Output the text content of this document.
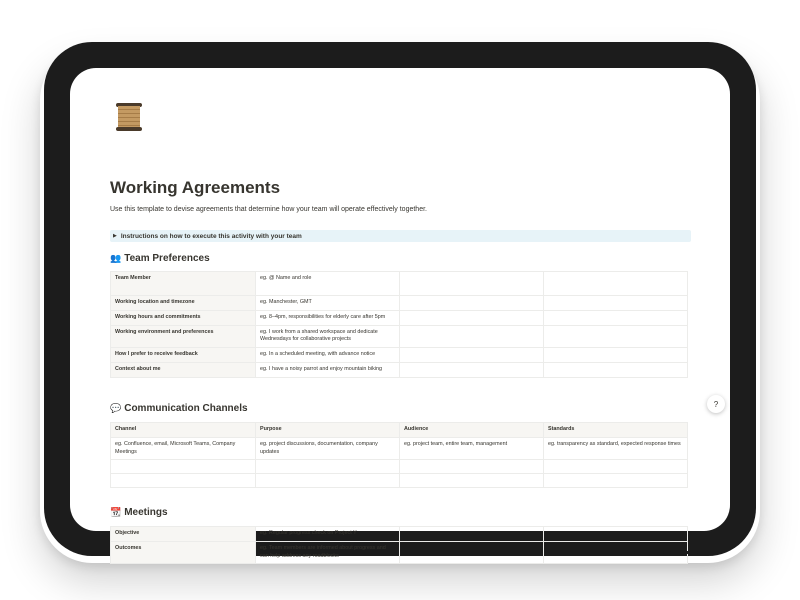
Working Agreements

Use this template to devise agreements that determine how your team will operate effectively together.

▶ Instructions on how to execute this activity with your team
👥 Team Preferences
Team Member	eg. @ Name and role		
Working location and timezone	eg. Manchester, GMT		
Working hours and commitments	eg. 8–4pm, responsibilities for elderly care after 5pm		
Working environment and preferences	eg. I work from a shared workspace and dedicate Wednesdays for collaborative projects		
How I prefer to receive feedback	eg. In a scheduled meeting, with advance notice		
Context about me	eg. I have a noisy parrot and enjoy mountain biking		
💬 Communication Channels
Channel	Purpose	Audience	Standards
eg. Confluence, email, Microsoft Teams, Company Meetings	eg. project discussions, documentation, company updates	eg. project team, entire team, management	eg. transparency as standard, expected response times

📆 Meetings
Objective	eg. Regular progress check on Project Y		
Outcomes	eg. Team members are informed about progress and can help address any roadblocks		
?
